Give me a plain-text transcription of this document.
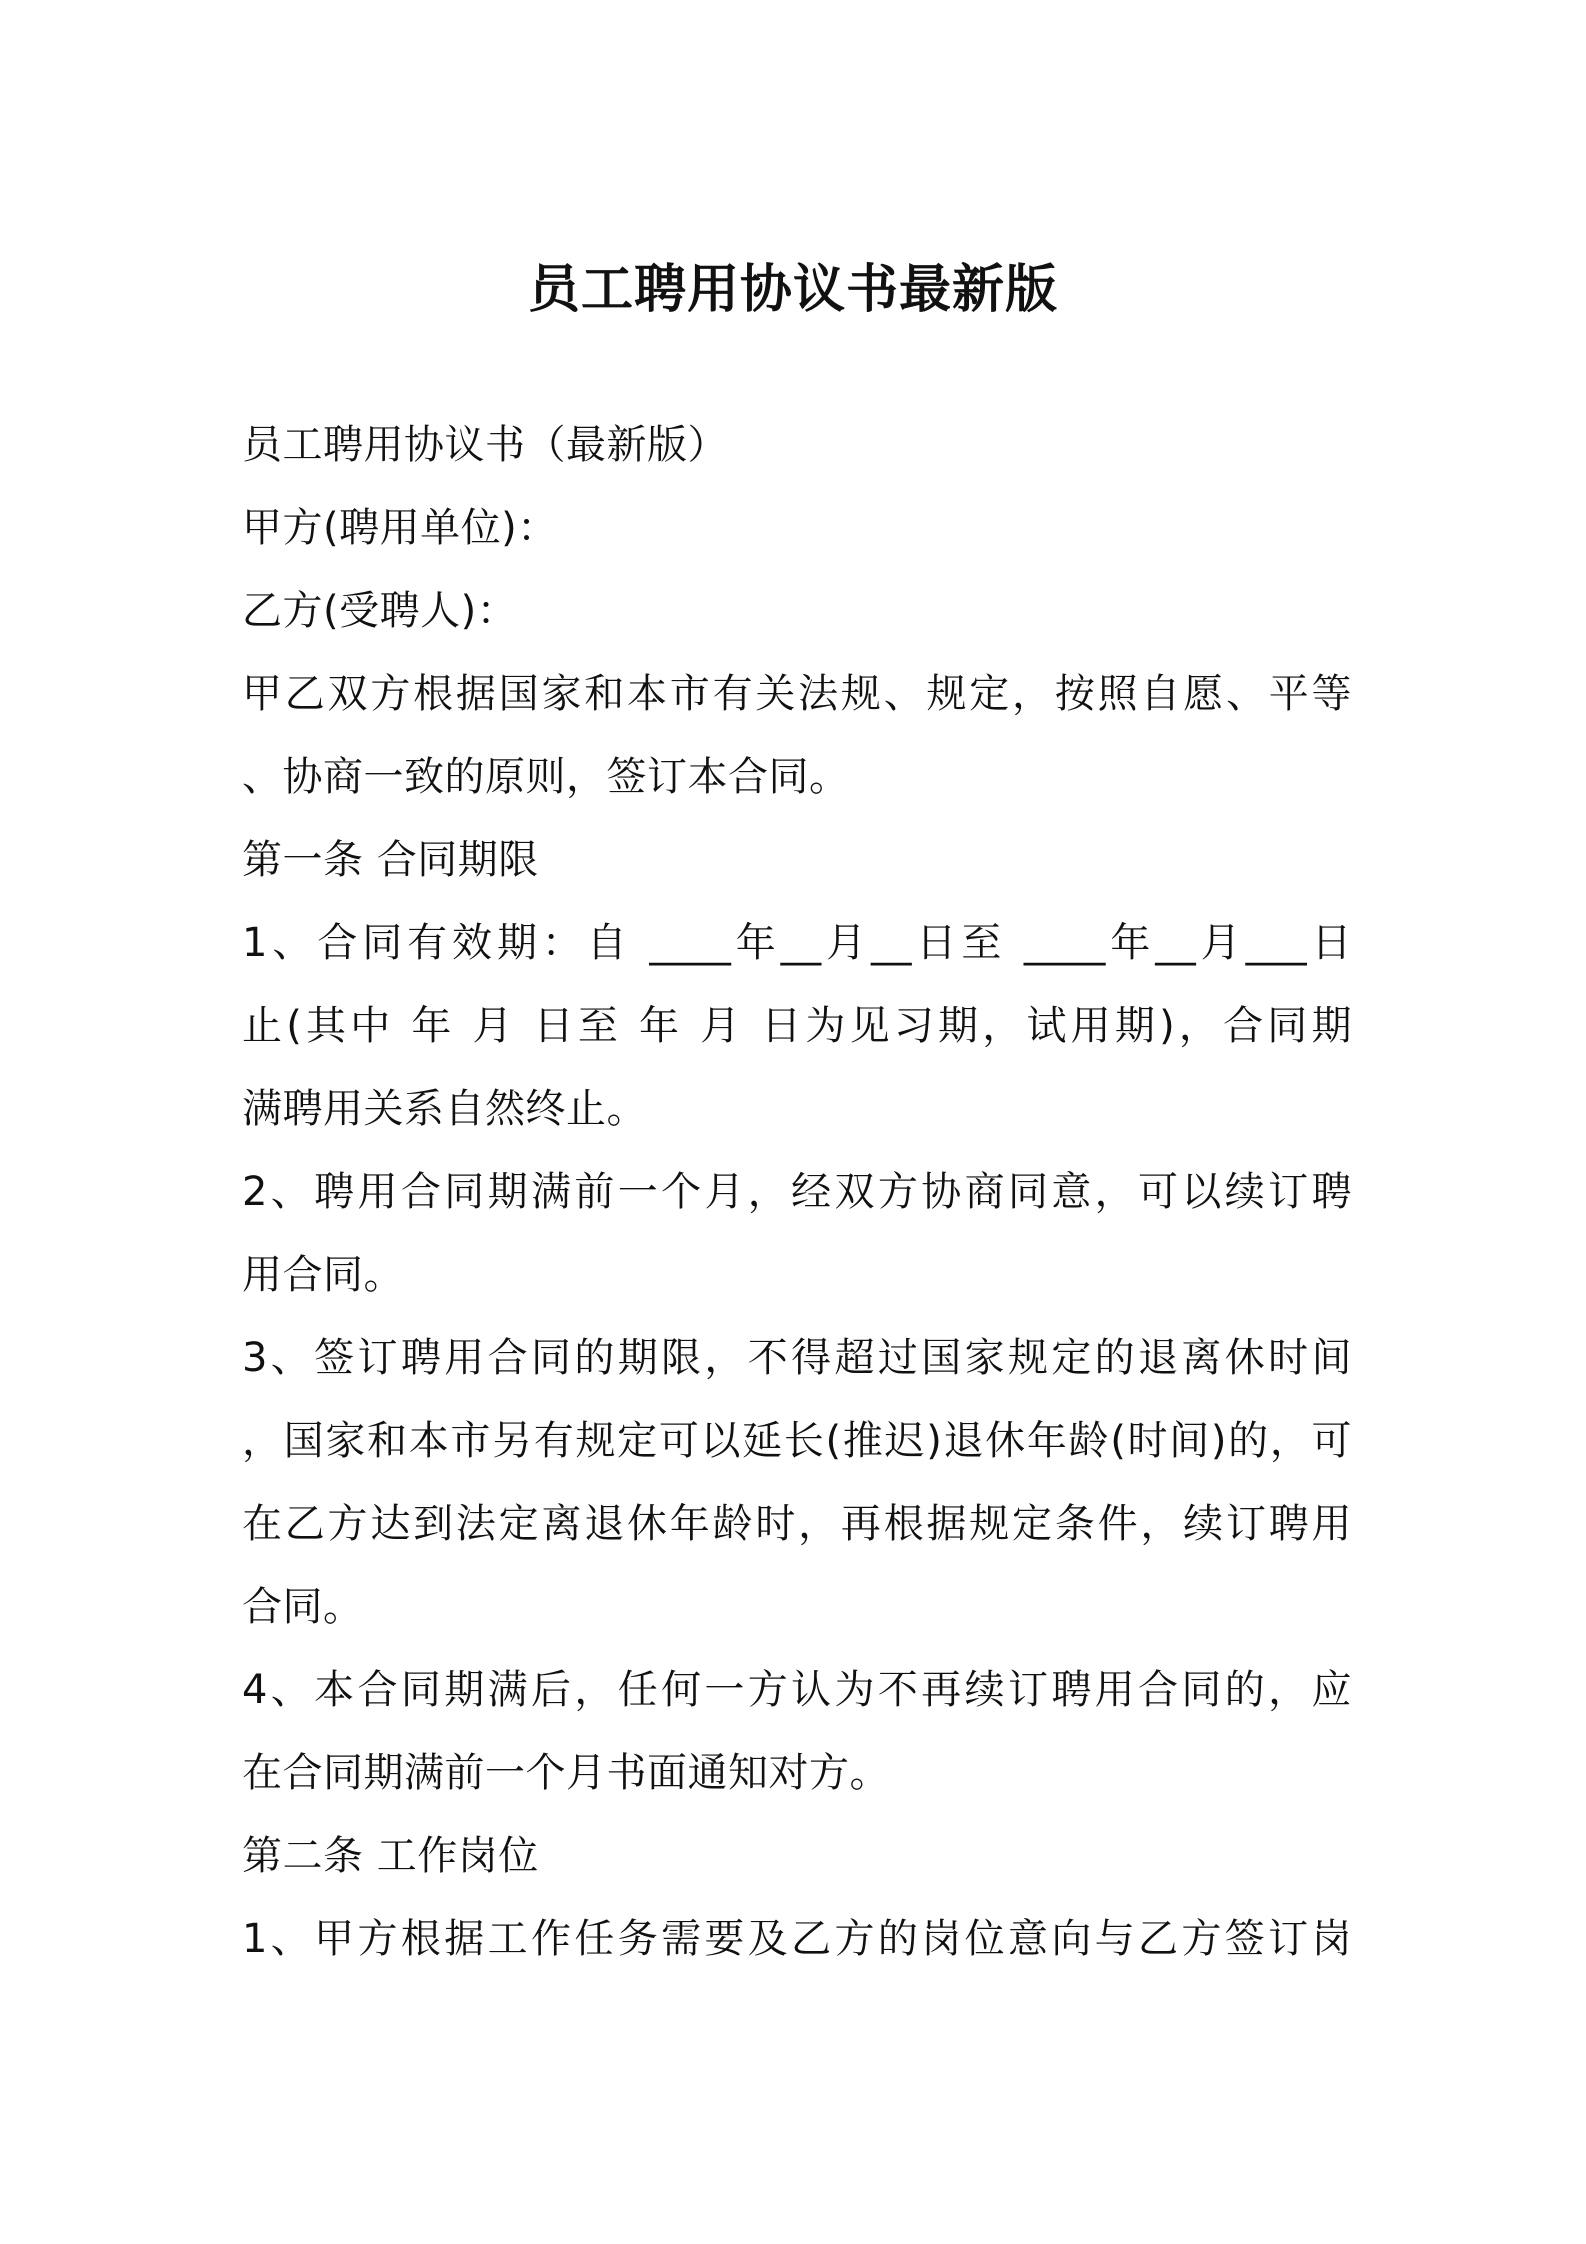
员工聘用协议书最新版
员工聘用协议书（最新版）
甲方(聘用单位)：
乙方(受聘人)：
甲乙双方根据国家和本市有关法规、规定，按照自愿、平等
、协商一致的原则，签订本合同。
第一条 合同期限
1、合同有效期：自 ____年__月__日至 ____年__月___日
止(其中 年 月 日至 年 月 日为见习期，试用期)，合同期
满聘用关系自然终止。
2、聘用合同期满前一个月，经双方协商同意，可以续订聘
用合同。
3、签订聘用合同的期限，不得超过国家规定的退离休时间
，国家和本市另有规定可以延长(推迟)退休年龄(时间)的，可
在乙方达到法定离退休年龄时，再根据规定条件，续订聘用
合同。
4、本合同期满后，任何一方认为不再续订聘用合同的，应
在合同期满前一个月书面通知对方。
第二条 工作岗位
1、甲方根据工作任务需要及乙方的岗位意向与乙方签订岗
